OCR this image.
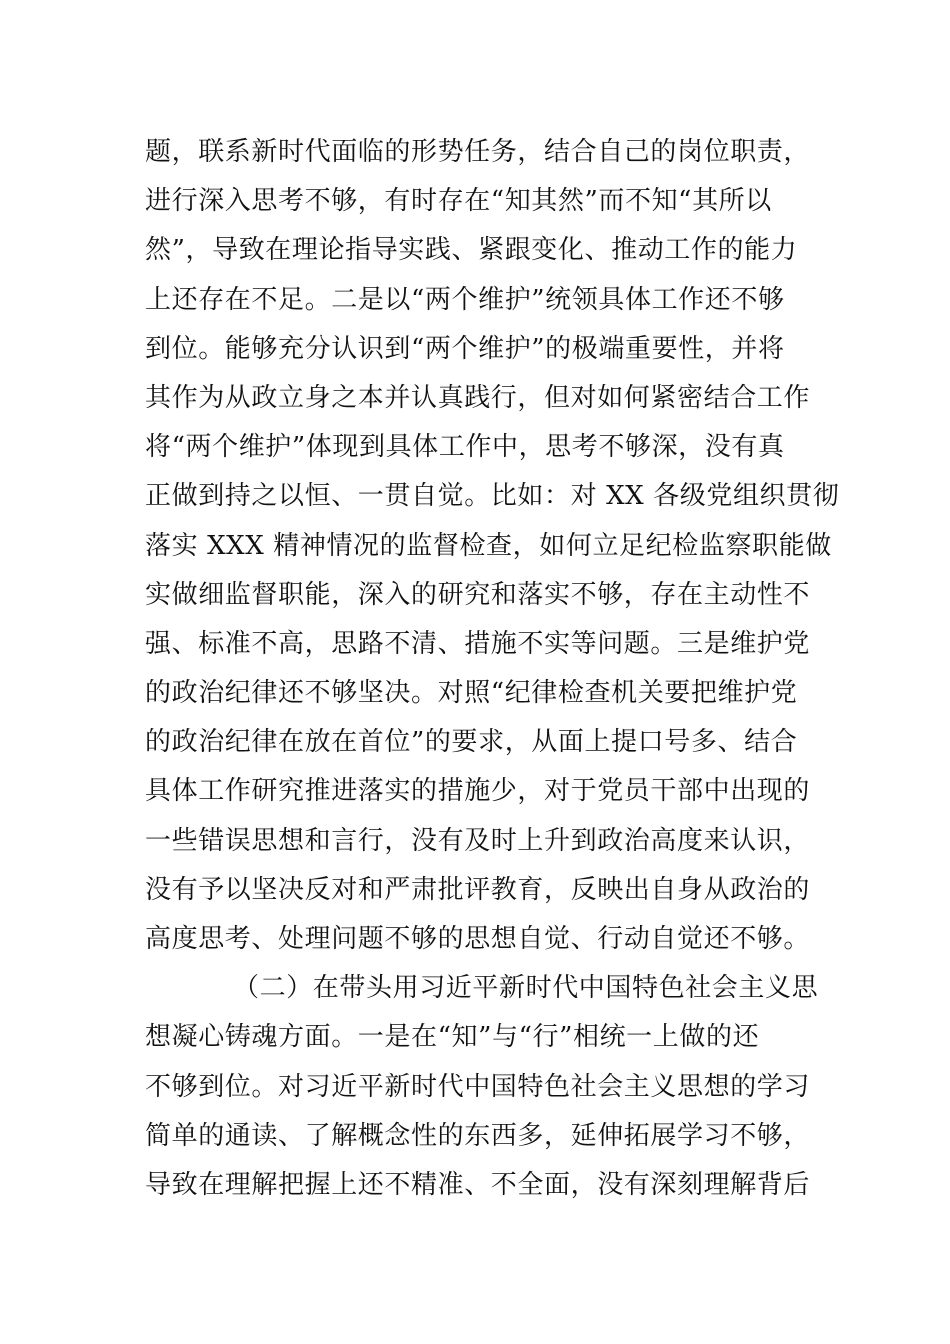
题，联系新时代面临的形势任务，结合自己的岗位职责，
进行深入思考不够，有时存在“知其然”而不知“其所以
然”，导致在理论指导实践、紧跟变化、推动工作的能力
上还存在不足。二是以“两个维护”统领具体工作还不够
到位。能够充分认识到“两个维护”的极端重要性，并将
其作为从政立身之本并认真践行，但对如何紧密结合工作
将“两个维护”体现到具体工作中，思考不够深，没有真
正做到持之以恒、一贯自觉。比如：对 XX 各级党组织贯彻
落实 XXX 精神情况的监督检查，如何立足纪检监察职能做
实做细监督职能，深入的研究和落实不够，存在主动性不
强、标准不高，思路不清、措施不实等问题。三是维护党
的政治纪律还不够坚决。对照“纪律检查机关要把维护党
的政治纪律在放在首位”的要求，从面上提口号多、结合
具体工作研究推进落实的措施少，对于党员干部中出现的
一些错误思想和言行，没有及时上升到政治高度来认识，
没有予以坚决反对和严肃批评教育，反映出自身从政治的
高度思考、处理问题不够的思想自觉、行动自觉还不够。
（二）在带头用习近平新时代中国特色社会主义思
想凝心铸魂方面。一是在“知”与“行”相统一上做的还
不够到位。对习近平新时代中国特色社会主义思想的学习
简单的通读、了解概念性的东西多，延伸拓展学习不够，
导致在理解把握上还不精准、不全面，没有深刻理解背后
